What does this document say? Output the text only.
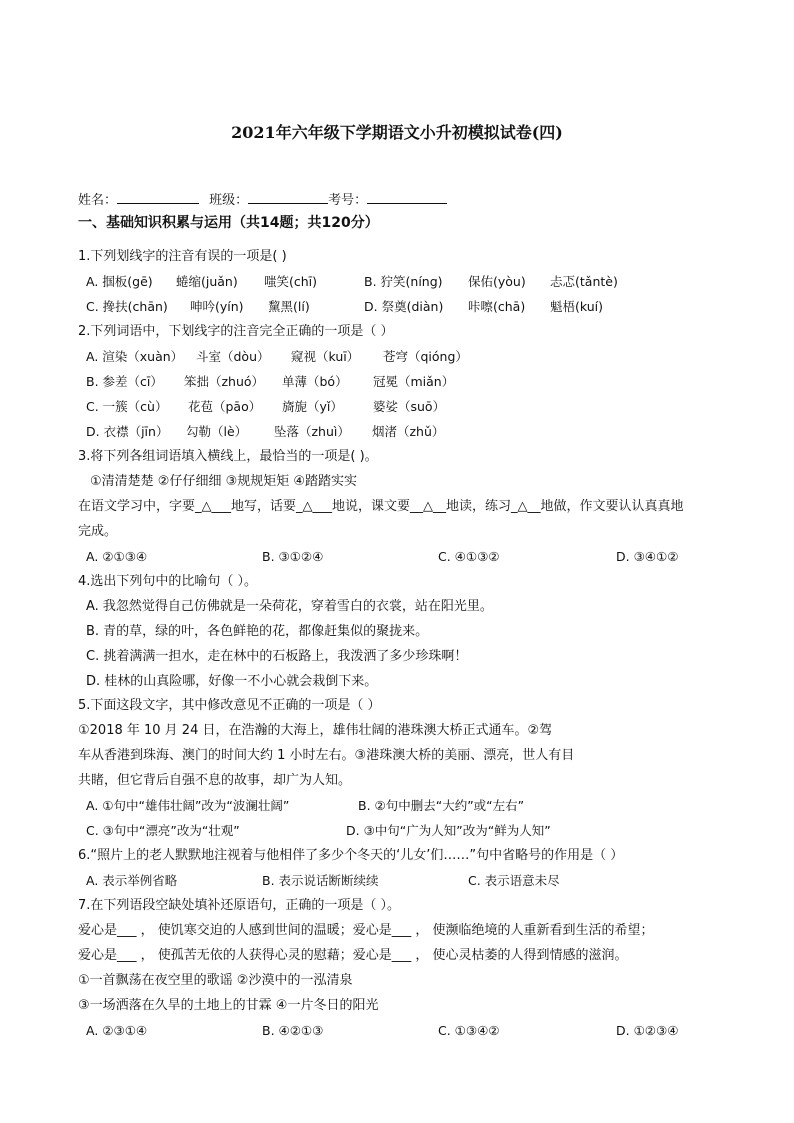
2021年六年级下学期语文小升初模拟试卷(四)
姓名：	班级：	考号：
一、基础知识积累与运用（共14题；共120分）
1.下列划线字的注音有误的一项是( )
A. 掴板(gē) 蜷缩(juǎn) 嗤笑(chī)	B. 狞笑(níng) 保佑(yòu) 忐忑(tǎntè)
C. 搀扶(chān) 呻吟(yín) 黧黑(lí)	D. 祭奠(diàn) 咔嚓(chā) 魁梧(kuí)
2.下列词语中，下划线字的注音完全正确的一项是（ ）
A. 渲染（xuàn） 斗室（dòu） 窥视（kuī） 苍穹（qióng）
B. 参差（cī） 笨拙（zhuó） 单薄（bó） 冠冕（miǎn）
C. 一簇（cù） 花苞（pāo） 旖旎（yǐ） 婆娑（suō）
D. 衣襟（jīn） 勾勒（lè） 坠落（zhuì） 烟渚（zhǔ）
3.将下列各组词语填入横线上，最恰当的一项是( )。
①清清楚楚 ②仔仔细细 ③规规矩矩 ④踏踏实实
在语文学习中，字要_△___地写，话要_△___地说，课文要__△__地读，练习_△__地做，作文要认认真真地
完成。
A. ②①③④	B. ③①②④	C. ④①③②	D. ③④①②
4.选出下列句中的比喻句（ ）。
A. 我忽然觉得自己仿佛就是一朵荷花，穿着雪白的衣裳，站在阳光里。
B. 青的草，绿的叶，各色鲜艳的花，都像赶集似的聚拢来。
C. 挑着满满一担水，走在林中的石板路上，我泼洒了多少珍珠啊！
D. 桂林的山真险哪，好像一不小心就会栽倒下来。
5.下面这段文字，其中修改意见不正确的一项是（ ）
①2018 年 10 月 24 日，在浩瀚的大海上，雄伟壮阔的港珠澳大桥正式通车。②驾
车从香港到珠海、澳门的时间大约 1 小时左右。③港珠澳大桥的美丽、漂亮，世人有目
共睹，但它背后自强不息的故事，却广为人知。
A. ①句中“雄伟壮阔”改为“波澜壮阔”	B. ②句中删去“大约”或“左右”
C. ③句中“漂亮”改为“壮观”	D. ③中句“广为人知”改为“鲜为人知”
6.“照片上的老人默默地注视着与他相伴了多少个冬天的‘儿女’们……”句中省略号的作用是（ ）
A. 表示举例省略	B. 表示说话断断续续	C. 表示语意未尽
7.在下列语段空缺处填补还原语句，正确的一项是（ ）。
爱心是___ ， 使饥寒交迫的人感到世间的温暖；爱心是___ ， 使濒临绝境的人重新看到生活的希望；
爱心是___ ， 使孤苦无依的人获得心灵的慰藉；爱心是___ ， 使心灵枯萎的人得到情感的滋润。
①一首飘荡在夜空里的歌谣 ②沙漠中的一泓清泉
③一场洒落在久旱的土地上的甘霖 ④一片冬日的阳光
A. ②③①④	B. ④②①③	C. ①③④②	D. ①②③④
